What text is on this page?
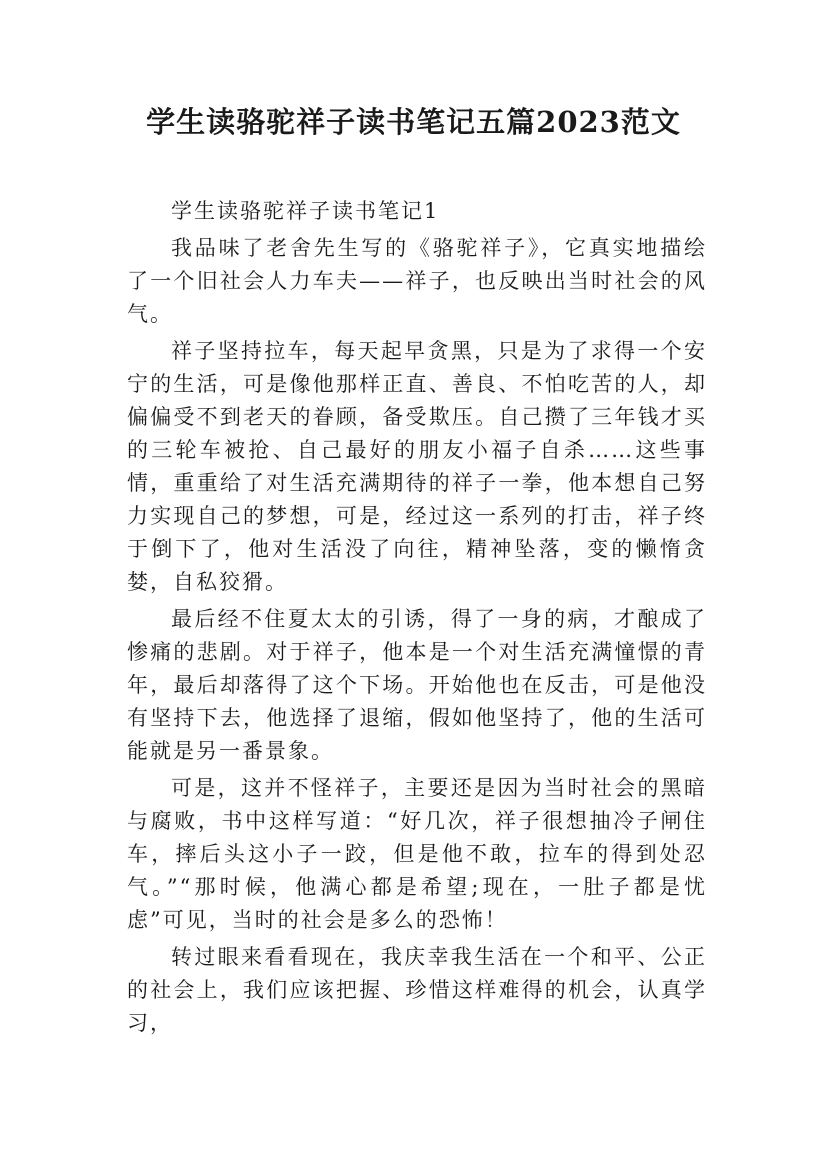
学生读骆驼祥子读书笔记五篇2023范文

学生读骆驼祥子读书笔记1

我品味了老舍先生写的《骆驼祥子》，它真实地描绘了一个旧社会人力车夫——祥子，也反映出当时社会的风气。

祥子坚持拉车，每天起早贪黑，只是为了求得一个安宁的生活，可是像他那样正直、善良、不怕吃苦的人，却偏偏受不到老天的眷顾，备受欺压。自己攒了三年钱才买的三轮车被抢、自己最好的朋友小福子自杀……这些事情，重重给了对生活充满期待的祥子一拳，他本想自己努力实现自己的梦想，可是，经过这一系列的打击，祥子终于倒下了，他对生活没了向往，精神坠落，变的懒惰贪婪，自私狡猾。

最后经不住夏太太的引诱，得了一身的病，才酿成了惨痛的悲剧。对于祥子，他本是一个对生活充满憧憬的青年，最后却落得了这个下场。开始他也在反击，可是他没有坚持下去，他选择了退缩，假如他坚持了，他的生活可能就是另一番景象。

可是，这并不怪祥子，主要还是因为当时社会的黑暗与腐败，书中这样写道：“好几次，祥子很想抽冷子闸住车，摔后头这小子一跤，但是他不敢，拉车的得到处忍气。”“那时候，他满心都是希望;现在，一肚子都是忧虑”可见，当时的社会是多么的恐怖！

转过眼来看看现在，我庆幸我生活在一个和平、公正的社会上，我们应该把握、珍惜这样难得的机会，认真学习，
